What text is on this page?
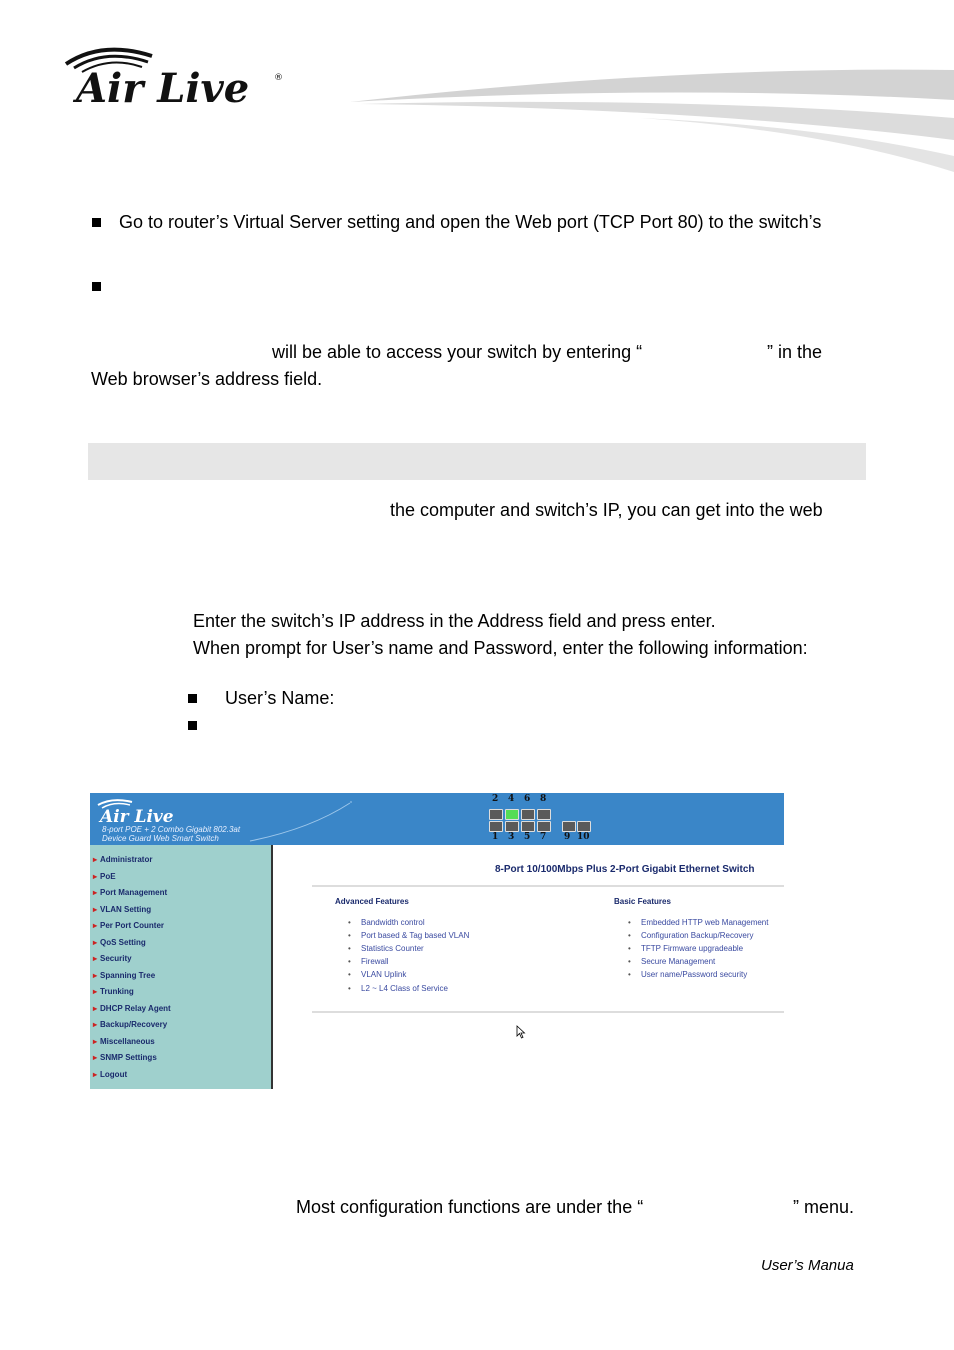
Air Live	®
Go to router’s Virtual Server setting and open the Web port (TCP Port 80) to the switch’s
will be able to access your switch by entering “	” in the
Web browser’s address field.
the computer and switch’s IP, you can get into the web
Enter the switch’s IP address in the Address field and press enter.
When prompt for User’s name and Password, enter the following information:
User’s Name:
Air Live
8-port POE + 2 Combo Gigabit 802.3at
Device Guard Web Smart Switch
2 4 6 8
1 3 5 7 9 10
▸ Administrator
▸ PoE
▸ Port Management
▸ VLAN Setting
▸ Per Port Counter
▸ QoS Setting
▸ Security
▸ Spanning Tree
▸ Trunking
▸ DHCP Relay Agent
▸ Backup/Recovery
▸ Miscellaneous
▸ SNMP Settings
▸ Logout
8-Port 10/100Mbps Plus 2-Port Gigabit Ethernet Switch
Advanced Features
• Bandwidth control
• Port based & Tag based VLAN
• Statistics Counter
• Firewall
• VLAN Uplink
• L2 ~ L4 Class of Service
Basic Features
• Embedded HTTP web Management
• Configuration Backup/Recovery
• TFTP Firmware upgradeable
• Secure Management
• User name/Password security
Most configuration functions are under the “	” menu.
User’s Manua
